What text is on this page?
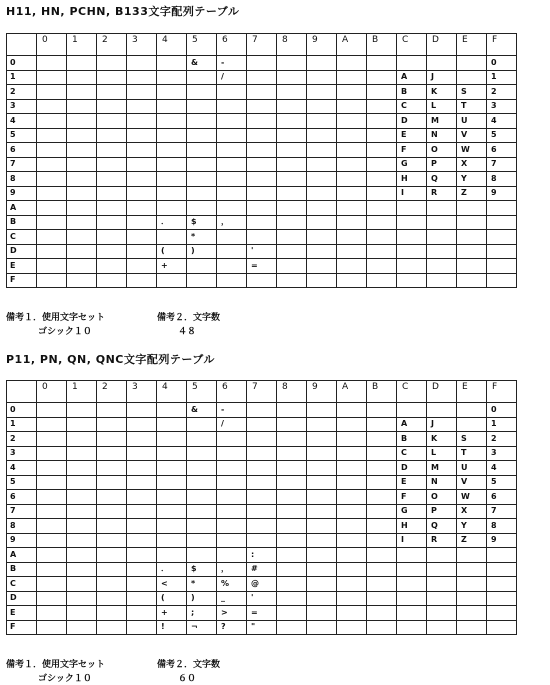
H11, HN, PCHN, B133文字配列テーブル
	0	1	2	3	4	5	6	7	8	9	A	B	C	D	E	F
0						&	-									0
1							/						A	J		1
2													B	K	S	2
3													C	L	T	3
4													D	M	U	4
5													E	N	V	5
6													F	O	W	6
7													G	P	X	7
8													H	Q	Y	8
9													I	R	Z	9
A																
B					．	$	，									
C						*										
D					(	)		'								
E					+			=								
F																
備考１．使用文字セット
ゴシック１０
備考２．文字数
４８
P11, PN, QN, QNC文字配列テーブル
	0	1	2	3	4	5	6	7	8	9	A	B	C	D	E	F
0						&	-									0
1							/						A	J		1
2													B	K	S	2
3													C	L	T	3
4													D	M	U	4
5													E	N	V	5
6													F	O	W	6
7													G	P	X	7
8													H	Q	Y	8
9													I	R	Z	9
A								:								
B					．	$	，	#								
C					<	*	%	@								
D					(	)	_	'								
E					+	;	>	=								
F					!	¬	?	"								
備考１．使用文字セット
ゴシック１０
備考２．文字数
６０
